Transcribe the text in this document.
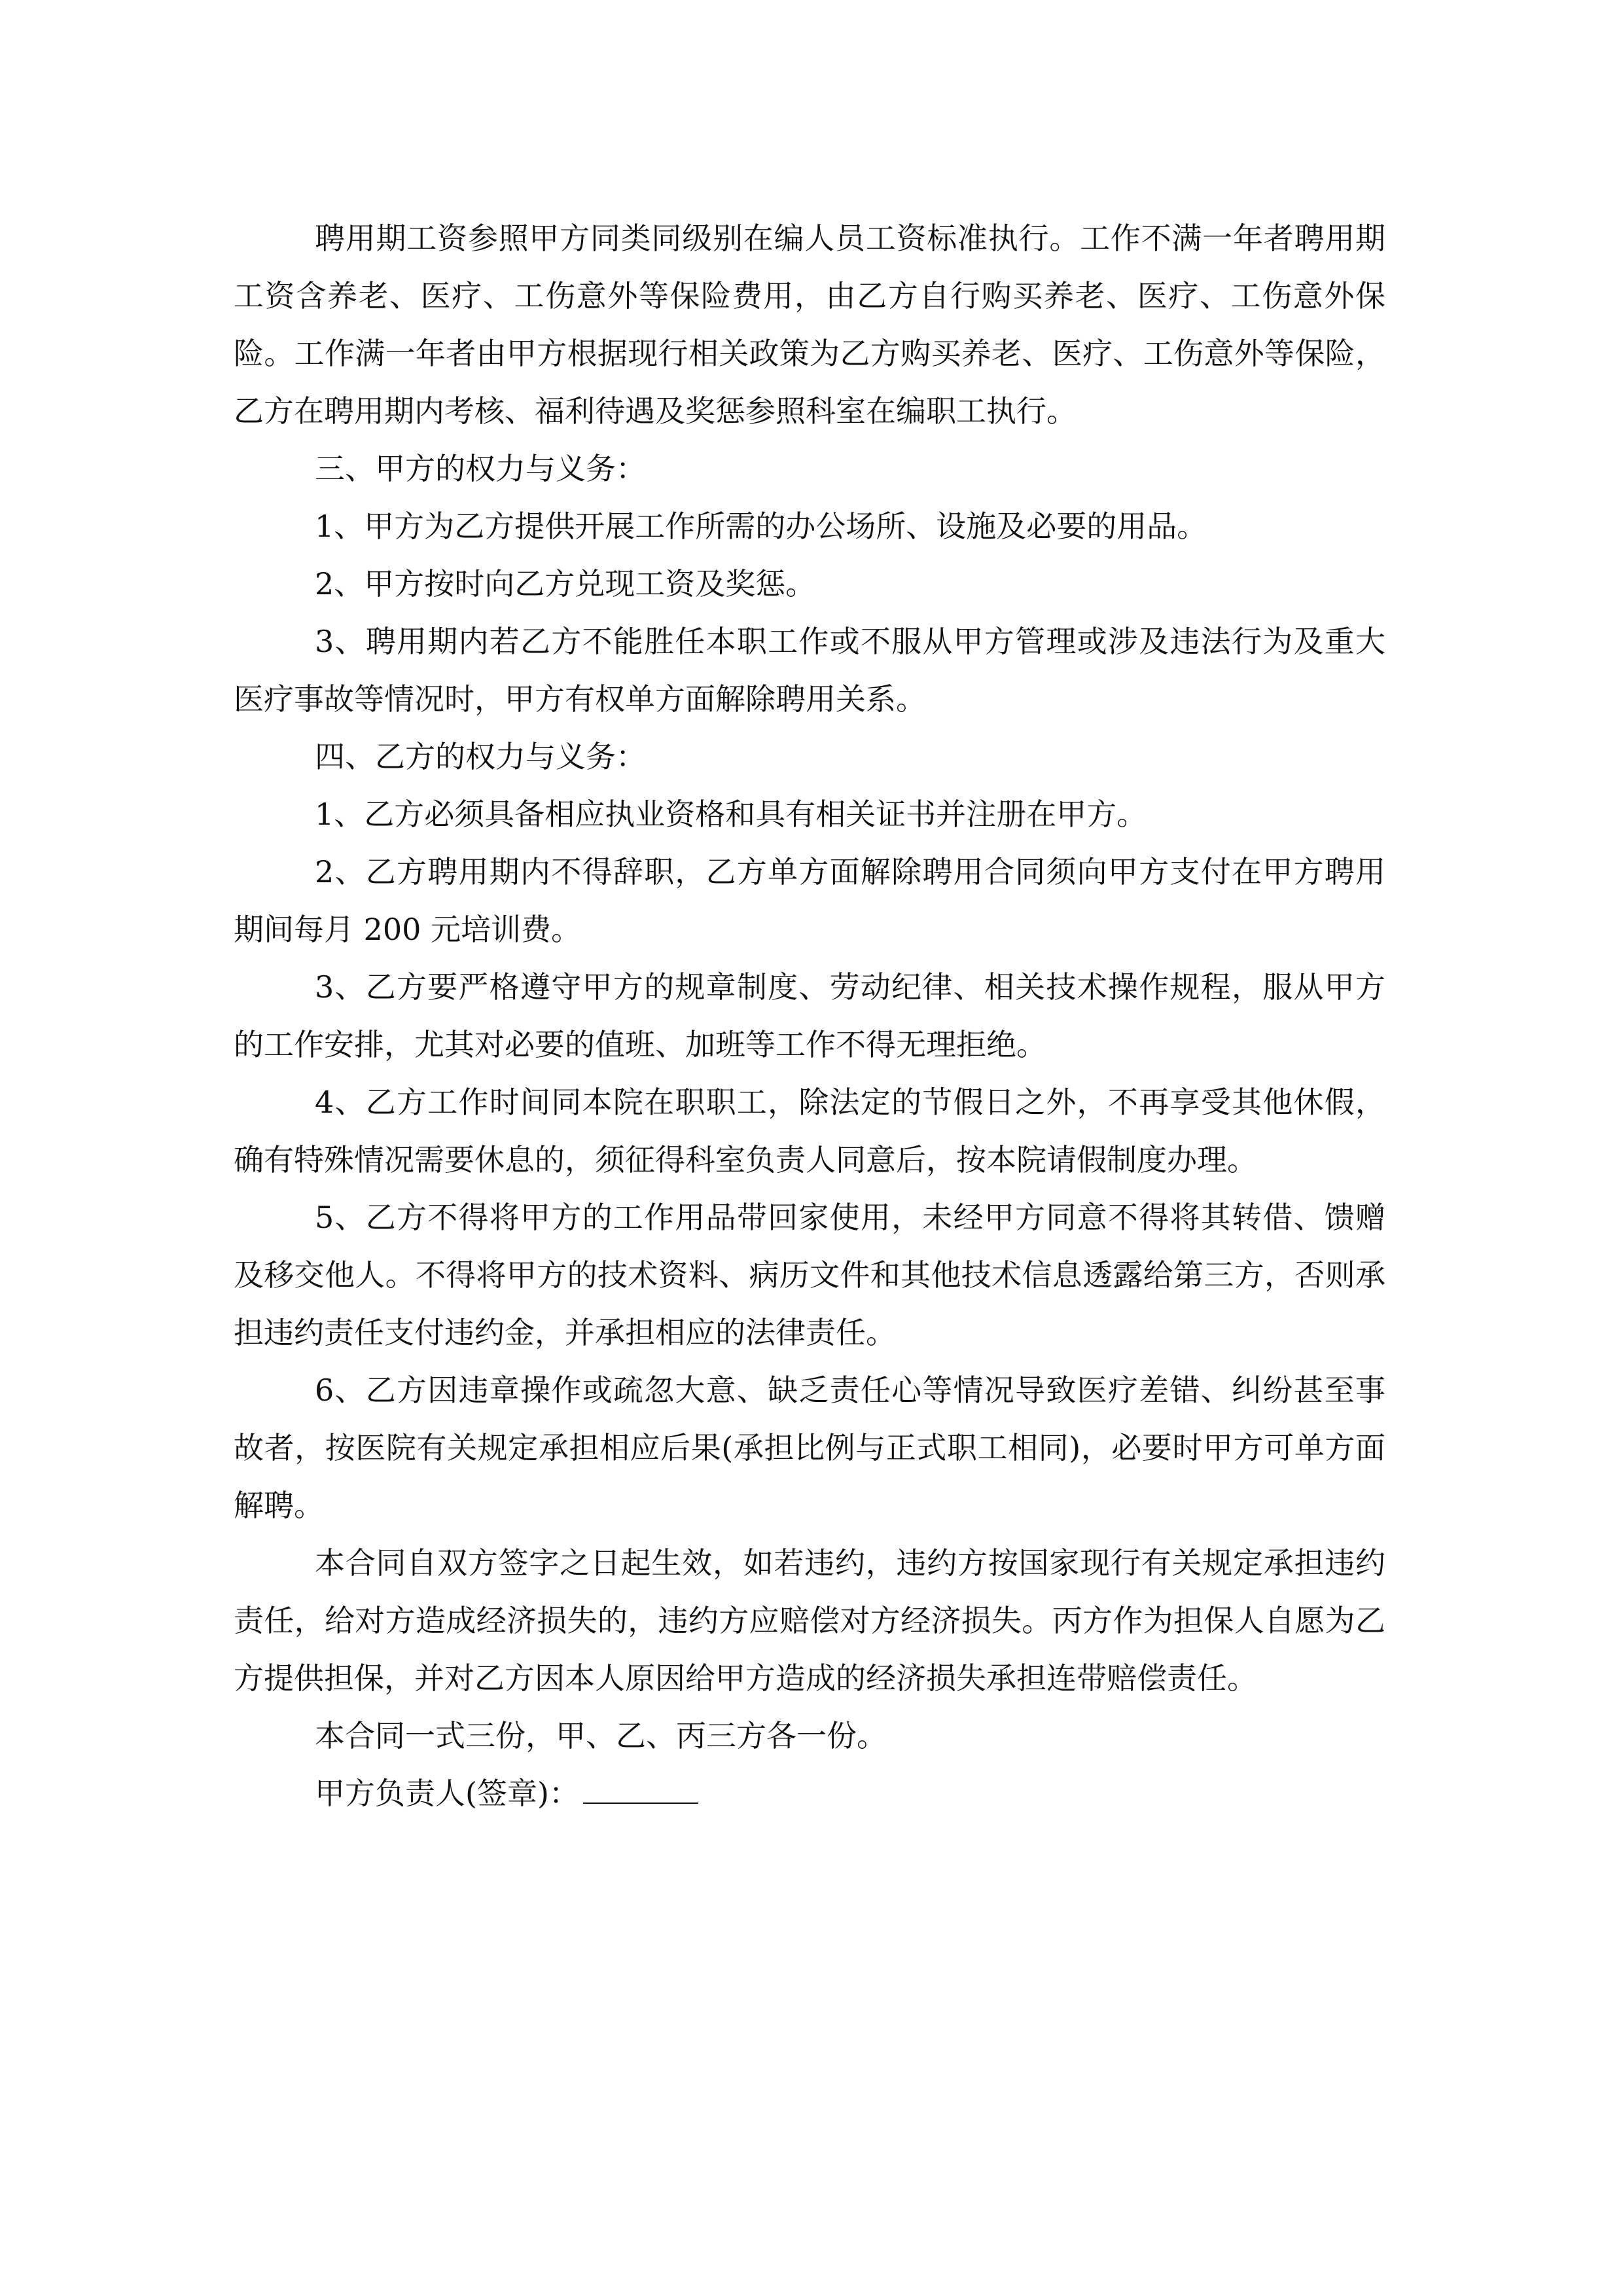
聘用期工资参照甲方同类同级别在编人员工资标准执行。工作不满一年者聘用期工资含养老、医疗、工伤意外等保险费用，由乙方自行购买养老、医疗、工伤意外保险。工作满一年者由甲方根据现行相关政策为乙方购买养老、医疗、工伤意外等保险，乙方在聘用期内考核、福利待遇及奖惩参照科室在编职工执行。

三、甲方的权力与义务：

1、甲方为乙方提供开展工作所需的办公场所、设施及必要的用品。

2、甲方按时向乙方兑现工资及奖惩。

3、聘用期内若乙方不能胜任本职工作或不服从甲方管理或涉及违法行为及重大医疗事故等情况时，甲方有权单方面解除聘用关系。

四、乙方的权力与义务：

1、乙方必须具备相应执业资格和具有相关证书并注册在甲方。

2、乙方聘用期内不得辞职，乙方单方面解除聘用合同须向甲方支付在甲方聘用期间每月 200 元培训费。

3、乙方要严格遵守甲方的规章制度、劳动纪律、相关技术操作规程，服从甲方的工作安排，尤其对必要的值班、加班等工作不得无理拒绝。

4、乙方工作时间同本院在职职工，除法定的节假日之外，不再享受其他休假，确有特殊情况需要休息的，须征得科室负责人同意后，按本院请假制度办理。

5、乙方不得将甲方的工作用品带回家使用，未经甲方同意不得将其转借、馈赠及移交他人。不得将甲方的技术资料、病历文件和其他技术信息透露给第三方，否则承担违约责任支付违约金，并承担相应的法律责任。

6、乙方因违章操作或疏忽大意、缺乏责任心等情况导致医疗差错、纠纷甚至事故者，按医院有关规定承担相应后果(承担比例与正式职工相同)，必要时甲方可单方面解聘。

本合同自双方签字之日起生效，如若违约，违约方按国家现行有关规定承担违约责任，给对方造成经济损失的，违约方应赔偿对方经济损失。丙方作为担保人自愿为乙方提供担保，并对乙方因本人原因给甲方造成的经济损失承担连带赔偿责任。

本合同一式三份，甲、乙、丙三方各一份。

甲方负责人(签章)：
